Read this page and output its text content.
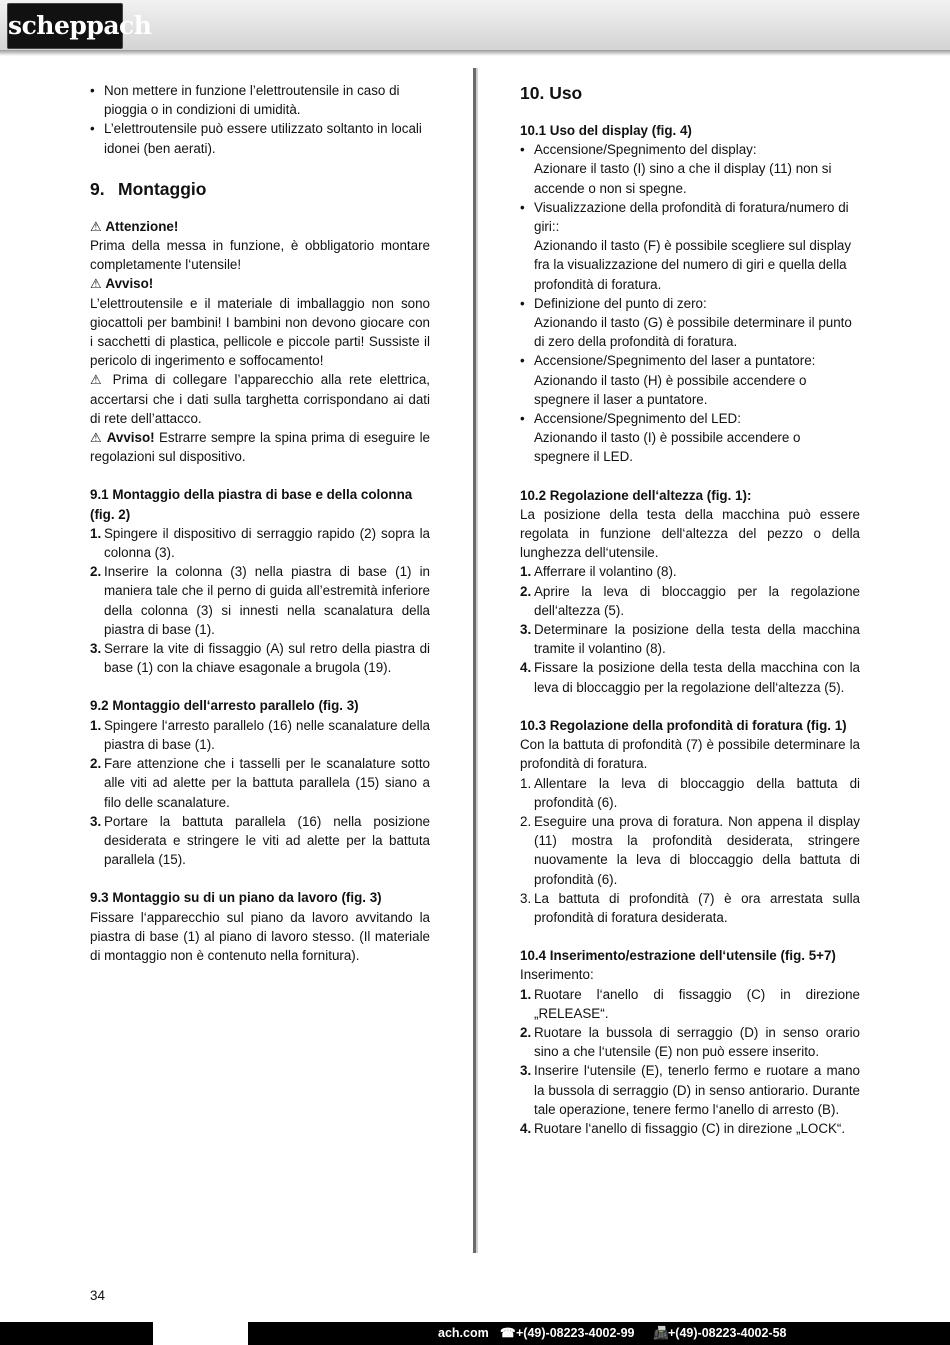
scheppach

• Non mettere in funzione l’elettroutensile in caso di pioggia o in condizioni di umidità.

• L’elettroutensile può essere utilizzato soltanto in locali idonei (ben aerati).

9. Montaggio

⚠ Attenzione!

Prima della messa in funzione, è obbligatorio montare completamente l‘utensile!

⚠ Avviso!

L’elettroutensile e il materiale di imballaggio non sono giocattoli per bambini! I bambini non devono giocare con i sacchetti di plastica, pellicole e piccole parti! Sussiste il pericolo di ingerimento e soffocamento!

⚠ Prima di collegare l’apparecchio alla rete elettrica, accertarsi che i dati sulla targhetta corrispondano ai dati di rete dell’attacco.

⚠ Avviso! Estrarre sempre la spina prima di eseguire le regolazioni sul dispositivo.

9.1 Montaggio della piastra di base e della colonna (fig. 2)

1. Spingere il dispositivo di serraggio rapido (2) sopra la colonna (3).

2. Inserire la colonna (3) nella piastra di base (1) in maniera tale che il perno di guida all’estremità inferiore della colonna (3) si innesti nella scanalatura della piastra di base (1).

3. Serrare la vite di fissaggio (A) sul retro della piastra di base (1) con la chiave esagonale a brugola (19).

9.2 Montaggio dell‘arresto parallelo (fig. 3)

1. Spingere l‘arresto parallelo (16) nelle scanalature della piastra di base (1).

2. Fare attenzione che i tasselli per le scanalature sotto alle viti ad alette per la battuta parallela (15) siano a filo delle scanalature.

3. Portare la battuta parallela (16) nella posizione desiderata e stringere le viti ad alette per la battuta parallela (15).

9.3 Montaggio su di un piano da lavoro (fig. 3)

Fissare l‘apparecchio sul piano da lavoro avvitando la piastra di base (1) al piano di lavoro stesso. (Il materiale di montaggio non è contenuto nella fornitura).

10. Uso

10.1 Uso del display (fig. 4)

• Accensione/Spegnimento del display:

Azionare il tasto (I) sino a che il display (11) non si accende o non si spegne.

• Visualizzazione della profondità di foratura/numero di giri::

Azionando il tasto (F) è possibile scegliere sul display fra la visualizzazione del numero di giri e quella della profondità di foratura.

• Definizione del punto di zero:

Azionando il tasto (G) è possibile determinare il punto di zero della profondità di foratura.

• Accensione/Spegnimento del laser a puntatore:

Azionando il tasto (H) è possibile accendere o spegnere il laser a puntatore.

• Accensione/Spegnimento del LED:

Azionando il tasto (I) è possibile accendere o spegnere il LED.

10.2 Regolazione dell‘altezza (fig. 1):

La posizione della testa della macchina può essere regolata in funzione dell‘altezza del pezzo o della lunghezza dell‘utensile.

1. Afferrare il volantino (8).

2. Aprire la leva di bloccaggio per la regolazione dell‘altezza (5).

3. Determinare la posizione della testa della macchina tramite il volantino (8).

4. Fissare la posizione della testa della macchina con la leva di bloccaggio per la regolazione dell‘altezza (5).

10.3 Regolazione della profondità di foratura (fig. 1)

Con la battuta di profondità (7) è possibile determinare la profondità di foratura.

1. Allentare la leva di bloccaggio della battuta di profondità (6).

2. Eseguire una prova di foratura. Non appena il display (11) mostra la profondità desiderata, stringere nuovamente la leva di bloccaggio della battuta di profondità (6).

3. La battuta di profondità (7) è ora arrestata sulla profondità di foratura desiderata.

10.4 Inserimento/estrazione dell‘utensile (fig. 5+7)

Inserimento:

1. Ruotare l‘anello di fissaggio (C) in direzione „RELEASE“.

2. Ruotare la bussola di serraggio (D) in senso orario sino a che l‘utensile (E) non può essere inserito.

3. Inserire l‘utensile (E), tenerlo fermo e ruotare a mano la bussola di serraggio (D) in senso antiorario. Durante tale operazione, tenere fermo l‘anello di arresto (B).

4. Ruotare l‘anello di fissaggio (C) in direzione „LOCK“.

34
ach.com ☎ +(49)-08223-4002-99 📠 +(49)-08223-4002-58
